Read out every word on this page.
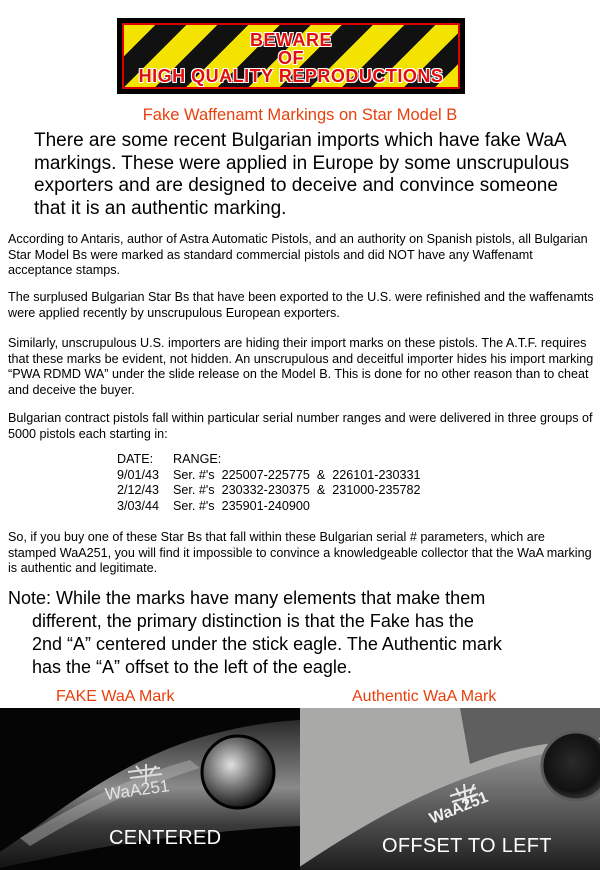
BEWARE
OF
HIGH QUALITY REPRODUCTIONS
Fake Waffenamt Markings on Star Model B
There are some recent Bulgarian imports which have fake WaA markings. These were applied in Europe by some unscrupulous exporters and are designed to deceive and convince someone that it is an authentic marking.
According to Antaris, author of Astra Automatic Pistols, and an authority on Spanish pistols, all Bulgarian Star Model Bs were marked as standard commercial pistols and did NOT have any Waffenamt acceptance stamps.
The surplused Bulgarian Star Bs that have been exported to the U.S. were refinished and the waffenamts were applied recently by unscrupulous European exporters.
Similarly, unscrupulous U.S. importers are hiding their import marks on these pistols. The A.T.F. requires that these marks be evident, not hidden. An unscrupulous and deceitful importer hides his import marking “PWA RDMD WA” under the slide release on the Model B. This is done for no other reason than to cheat and deceive the buyer.
Bulgarian contract pistols fall within particular serial number ranges and were delivered in three groups of 5000 pistols each starting in:
DATE:	RANGE:
9/01/43	Ser. #'s  225007-225775  &  226101-230331
2/12/43	Ser. #'s  230332-230375  &  231000-235782
3/03/44	Ser. #'s  235901-240900
So, if you buy one of these Star Bs that fall within these Bulgarian serial # parameters, which are stamped WaA251, you will find it impossible to convince a knowledgeable collector that the WaA marking is authentic and legitimate.
Note: While the marks have many elements that make them
different, the primary distinction is that the Fake has the
2nd “A” centered under the stick eagle. The Authentic mark
has the “A” offset to the left of the eagle.
FAKE WaA Mark	Authentic WaA Mark
WaA251
CENTERED
WaA251
OFFSET TO LEFT
